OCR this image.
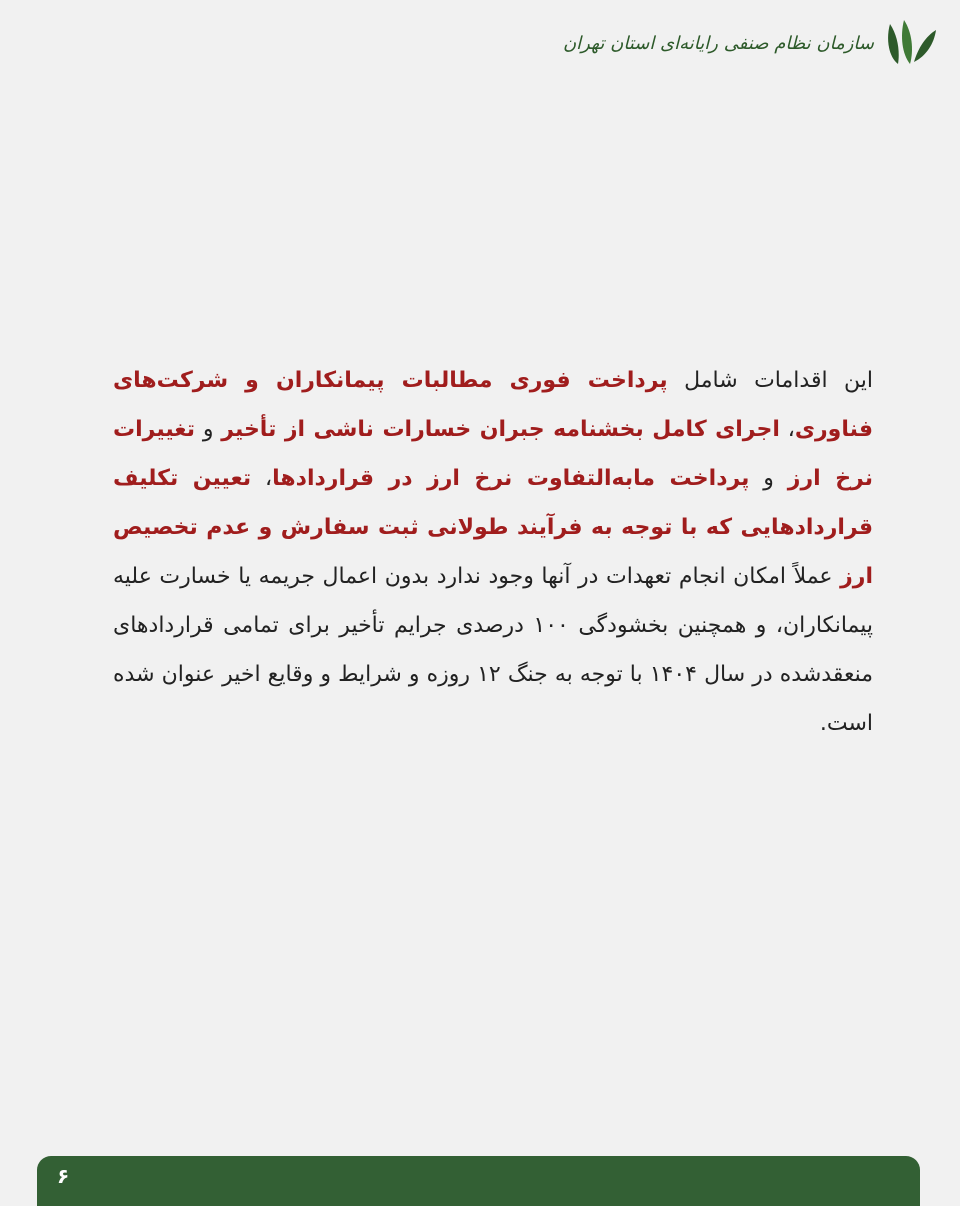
سازمان نظام صنفی رایانه‌ای استان تهران
این اقدامات شامل پرداخت فوری مطالبات پیمانکاران و شرکت‌های فناوری، اجرای کامل بخشنامه جبران خسارات ناشی از تأخیر و تغییرات نرخ ارز و پرداخت مابه‌التفاوت نرخ ارز در قراردادها، تعیین تکلیف قراردادهایی که با توجه به فرآیند طولانی ثبت سفارش و عدم تخصیص ارز عملاً امکان انجام تعهدات در آنها وجود ندارد بدون اعمال جریمه یا خسارت علیه پیمانکاران، و همچنین بخشودگی ۱۰۰ درصدی جرایم تأخیر برای تمامی قراردادهای منعقدشده در سال ۱۴۰۴ با توجه به جنگ ۱۲ روزه و شرایط و وقایع اخیر عنوان شده است.
۶
